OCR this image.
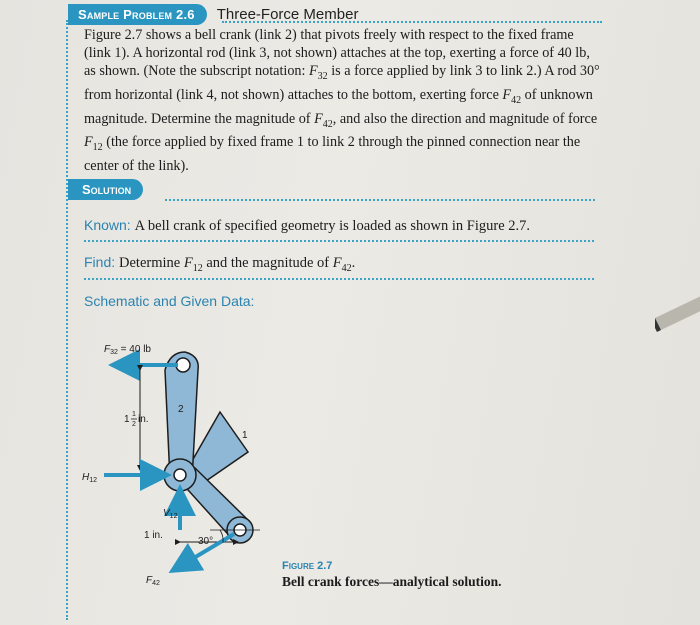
Sample Problem 2.6	Three-Force Member
Figure 2.7 shows a bell crank (link 2) that pivots freely with respect to the fixed frame (link 1). A horizontal rod (link 3, not shown) attaches at the top, exerting a force of 40 lb, as shown. (Note the subscript notation: $F_{32}$ is a force applied by link 3 to link 2.) A rod 30° from horizontal (link 4, not shown) attaches to the bottom, exerting force $F_{42}$ of unknown magnitude. Determine the magnitude of $F_{42}$, and also the direction and magnitude of force $F_{12}$ (the force applied by fixed frame 1 to link 2 through the pinned connection near the center of the link).
Solution
Known: A bell crank of specified geometry is loaded as shown in Figure 2.7.
Find: Determine $F_{12}$ and the magnitude of $F_{42}$.
Schematic and Given Data:
$F_{32} = 40$ lb
1 1
2 in.
2
1
$H_{12}$
$V_{12}$
1 in.
$F_{42}$
30°
Figure 2.7
Bell crank forces—analytical solution.
